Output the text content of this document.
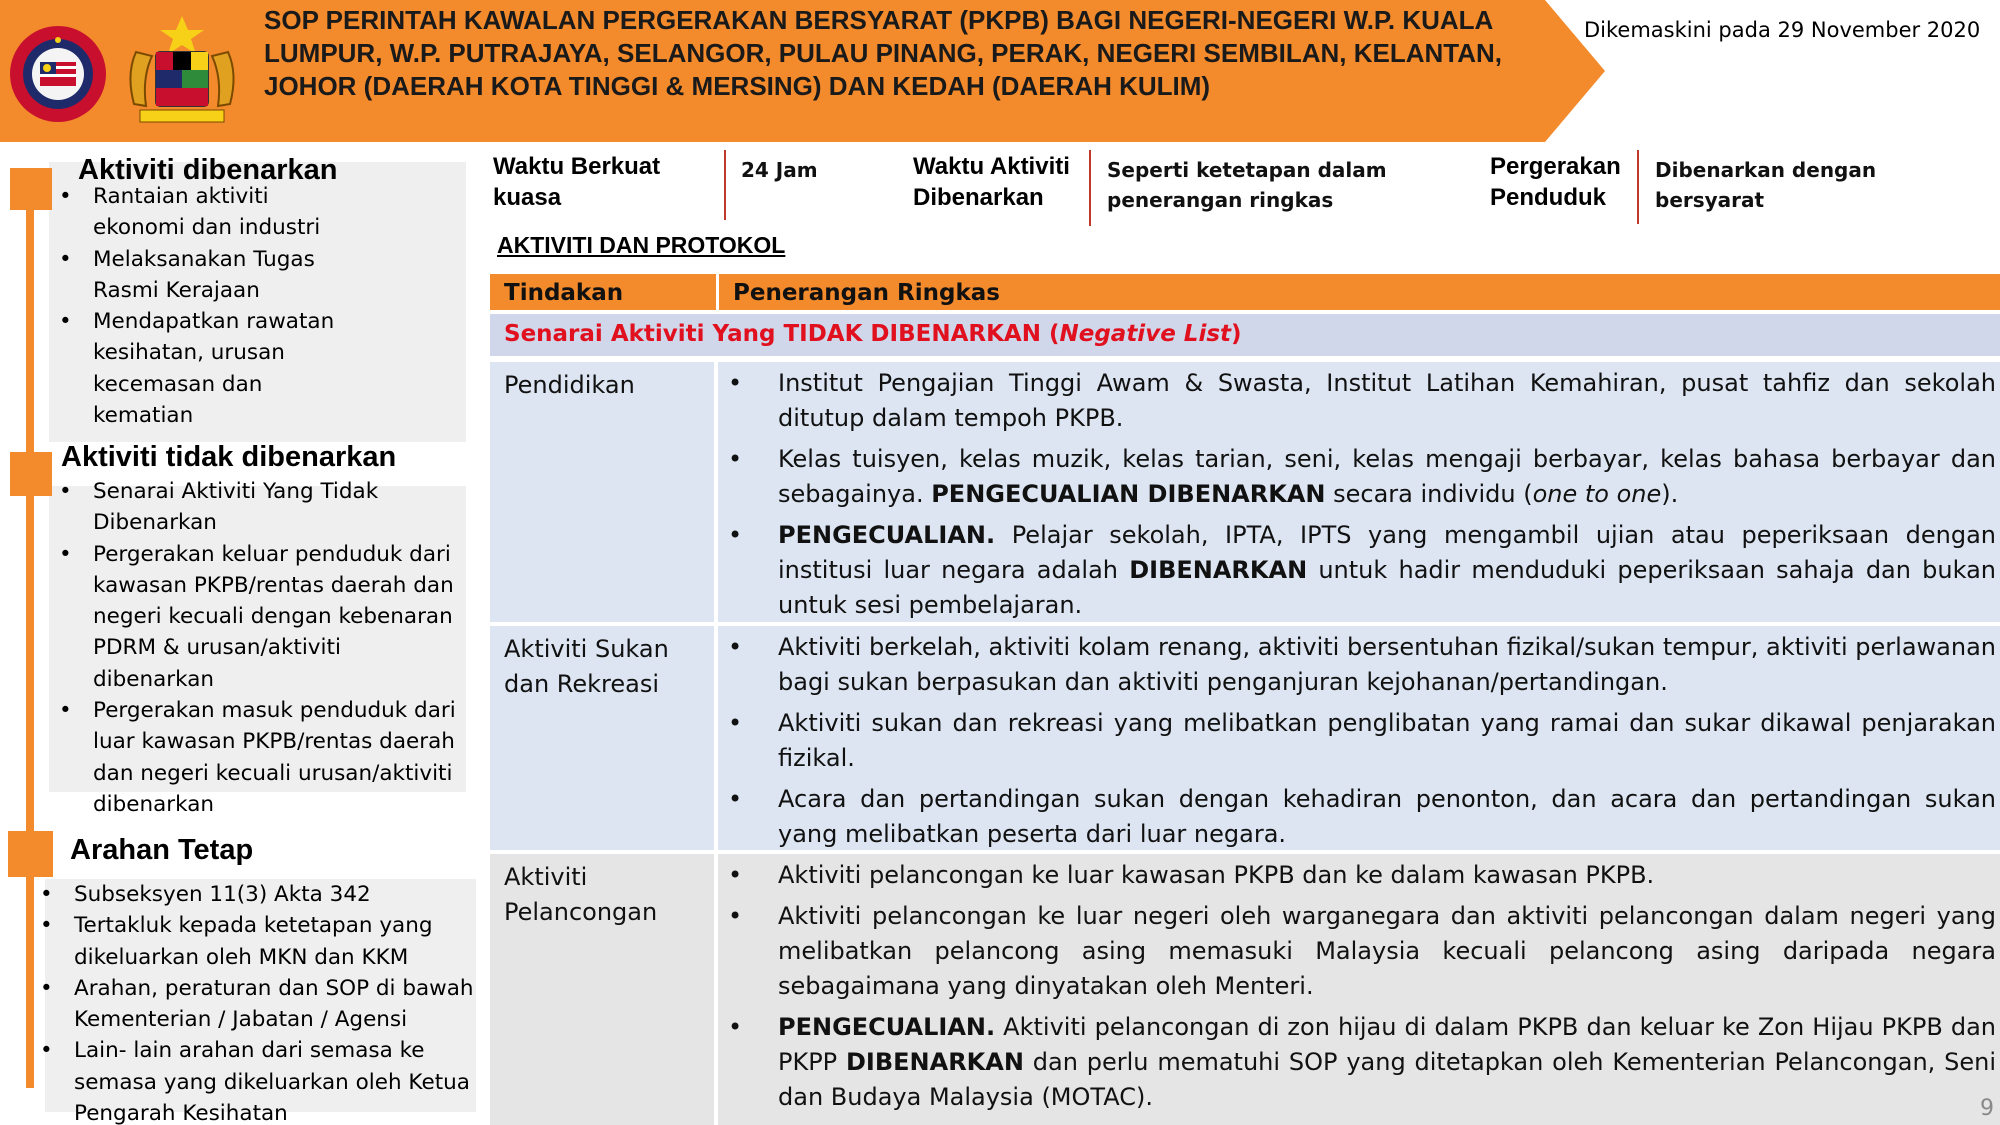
SOP PERINTAH KAWALAN PERGERAKAN BERSYARAT (PKPB) BAGI NEGERI-NEGERI W.P. KUALA LUMPUR, W.P. PUTRAJAYA, SELANGOR, PULAU PINANG, PERAK, NEGERI SEMBILAN, KELANTAN, JOHOR (DAERAH KOTA TINGGI & MERSING) DAN KEDAH (DAERAH KULIM)
Dikemaskini pada 29 November 2020
Aktiviti dibenarkan
• Rantaian aktiviti ekonomi dan industri
• Melaksanakan Tugas Rasmi Kerajaan
• Mendapatkan rawatan kesihatan, urusan kecemasan dan kematian
Aktiviti tidak dibenarkan
• Senarai Aktiviti Yang Tidak Dibenarkan
• Pergerakan keluar penduduk dari kawasan PKPB/rentas daerah dan negeri kecuali dengan kebenaran PDRM & urusan/aktiviti dibenarkan
• Pergerakan masuk penduduk dari luar kawasan PKPB/rentas daerah dan negeri kecuali urusan/aktiviti dibenarkan
Arahan Tetap
• Subseksyen 11(3) Akta 342
• Tertakluk kepada ketetapan yang dikeluarkan oleh MKN dan KKM
• Arahan, peraturan dan SOP di bawah Kementerian / Jabatan / Agensi
• Lain- lain arahan dari semasa ke semasa yang dikeluarkan oleh Ketua Pengarah Kesihatan
Waktu Berkuat kuasa
24 Jam	Waktu Aktiviti Dibenarkan
Seperti ketetapan dalam penerangan ringkas
Pergerakan Penduduk
Dibenarkan dengan bersyarat
AKTIVITI DAN PROTOKOL
Tindakan	Penerangan Ringkas
Senarai Aktiviti Yang TIDAK DIBENARKAN (Negative List)
Pendidikan
•	Institut Pengajian Tinggi Awam & Swasta, Institut Latihan Kemahiran, pusat tahfiz dan sekolah ditutup dalam tempoh PKPB.
• Kelas tuisyen, kelas muzik, kelas tarian, seni, kelas mengaji berbayar, kelas bahasa berbayar dan sebagainya. PENGECUALIAN DIBENARKAN secara individu (one to one).
• PENGECUALIAN. Pelajar sekolah, IPTA, IPTS yang mengambil ujian atau peperiksaan dengan institusi luar negara adalah DIBENARKAN untuk hadir menduduki peperiksaan sahaja dan bukan untuk sesi pembelajaran.
Aktiviti Sukan dan Rekreasi
• Aktiviti berkelah, aktiviti kolam renang, aktiviti bersentuhan fizikal/sukan tempur, aktiviti perlawanan bagi sukan berpasukan dan aktiviti penganjuran kejohanan/pertandingan.
• Aktiviti sukan dan rekreasi yang melibatkan penglibatan yang ramai dan sukar dikawal penjarakan fizikal.
• Acara dan pertandingan sukan dengan kehadiran penonton, dan acara dan pertandingan sukan yang melibatkan peserta dari luar negara.
Aktiviti Pelancongan
• Aktiviti pelancongan ke luar kawasan PKPB dan ke dalam kawasan PKPB.
• Aktiviti pelancongan ke luar negeri oleh warganegara dan aktiviti pelancongan dalam negeri yang melibatkan pelancong asing memasuki Malaysia kecuali pelancong asing daripada negara sebagaimana yang dinyatakan oleh Menteri.
• PENGECUALIAN. Aktiviti pelancongan di zon hijau di dalam PKPB dan keluar ke Zon Hijau PKPB dan PKPP DIBENARKAN dan perlu mematuhi SOP yang ditetapkan oleh Kementerian Pelancongan, Seni dan Budaya Malaysia (MOTAC).	9
